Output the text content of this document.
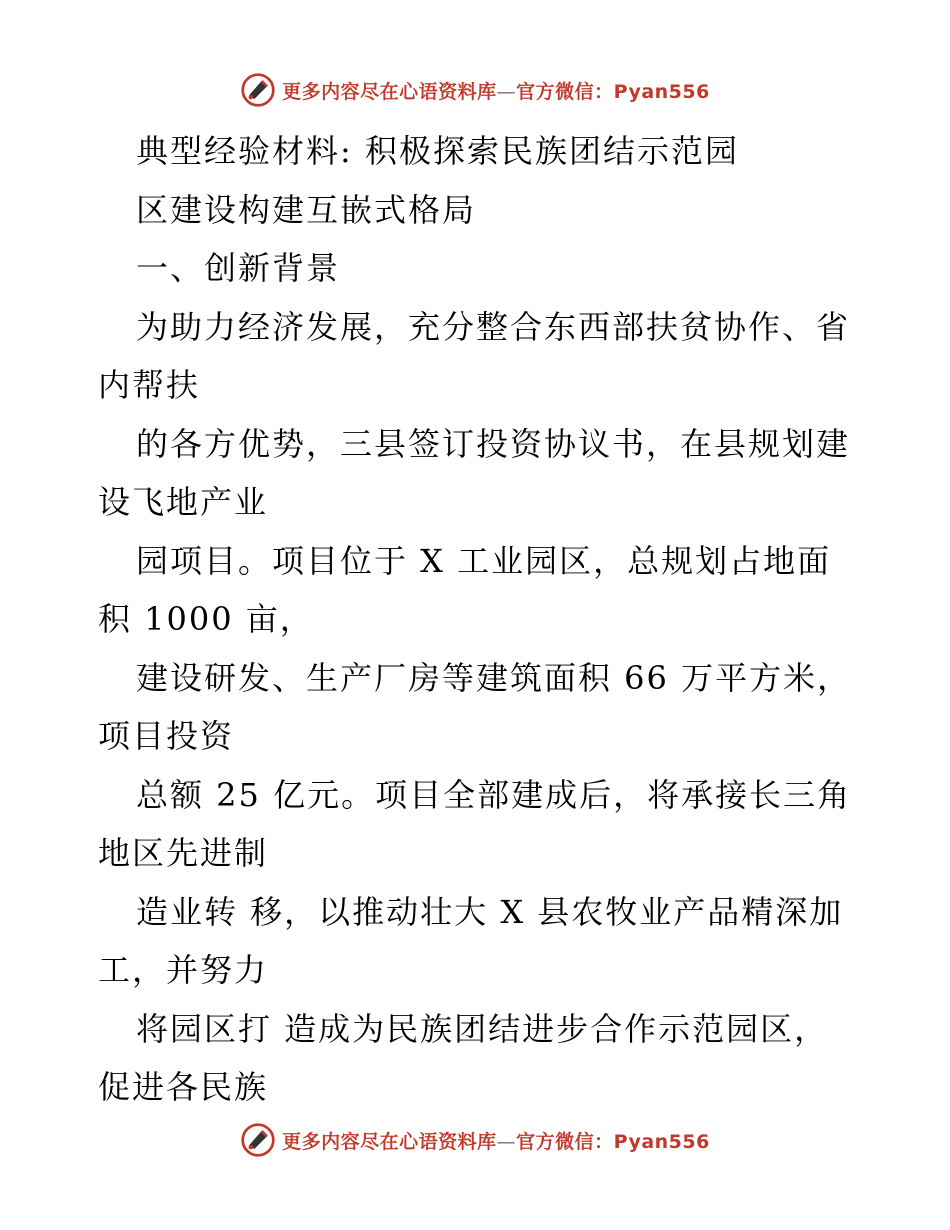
更多内容尽在心语资料库—官方微信：Pyan556
典型经验材料: 积极探索民族团结示范园
区建设构建互嵌式格局
一、创新背景
为助力经济发展，充分整合东西部扶贫协作、省
内帮扶
的各方优势，三县签订投资协议书，在县规划建
设飞地产业
园项目。项目位于 X 工业园区，总规划占地面
积 1000 亩，
建设研发、生产厂房等建筑面积 66 万平方米，
项目投资
总额 25 亿元。项目全部建成后，将承接长三角
地区先进制
造业转 移，以推动壮大 X 县农牧业产品精深加
工，并努力
将园区打 造成为民族团结进步合作示范园区，
促进各民族
更多内容尽在心语资料库—官方微信：Pyan556
